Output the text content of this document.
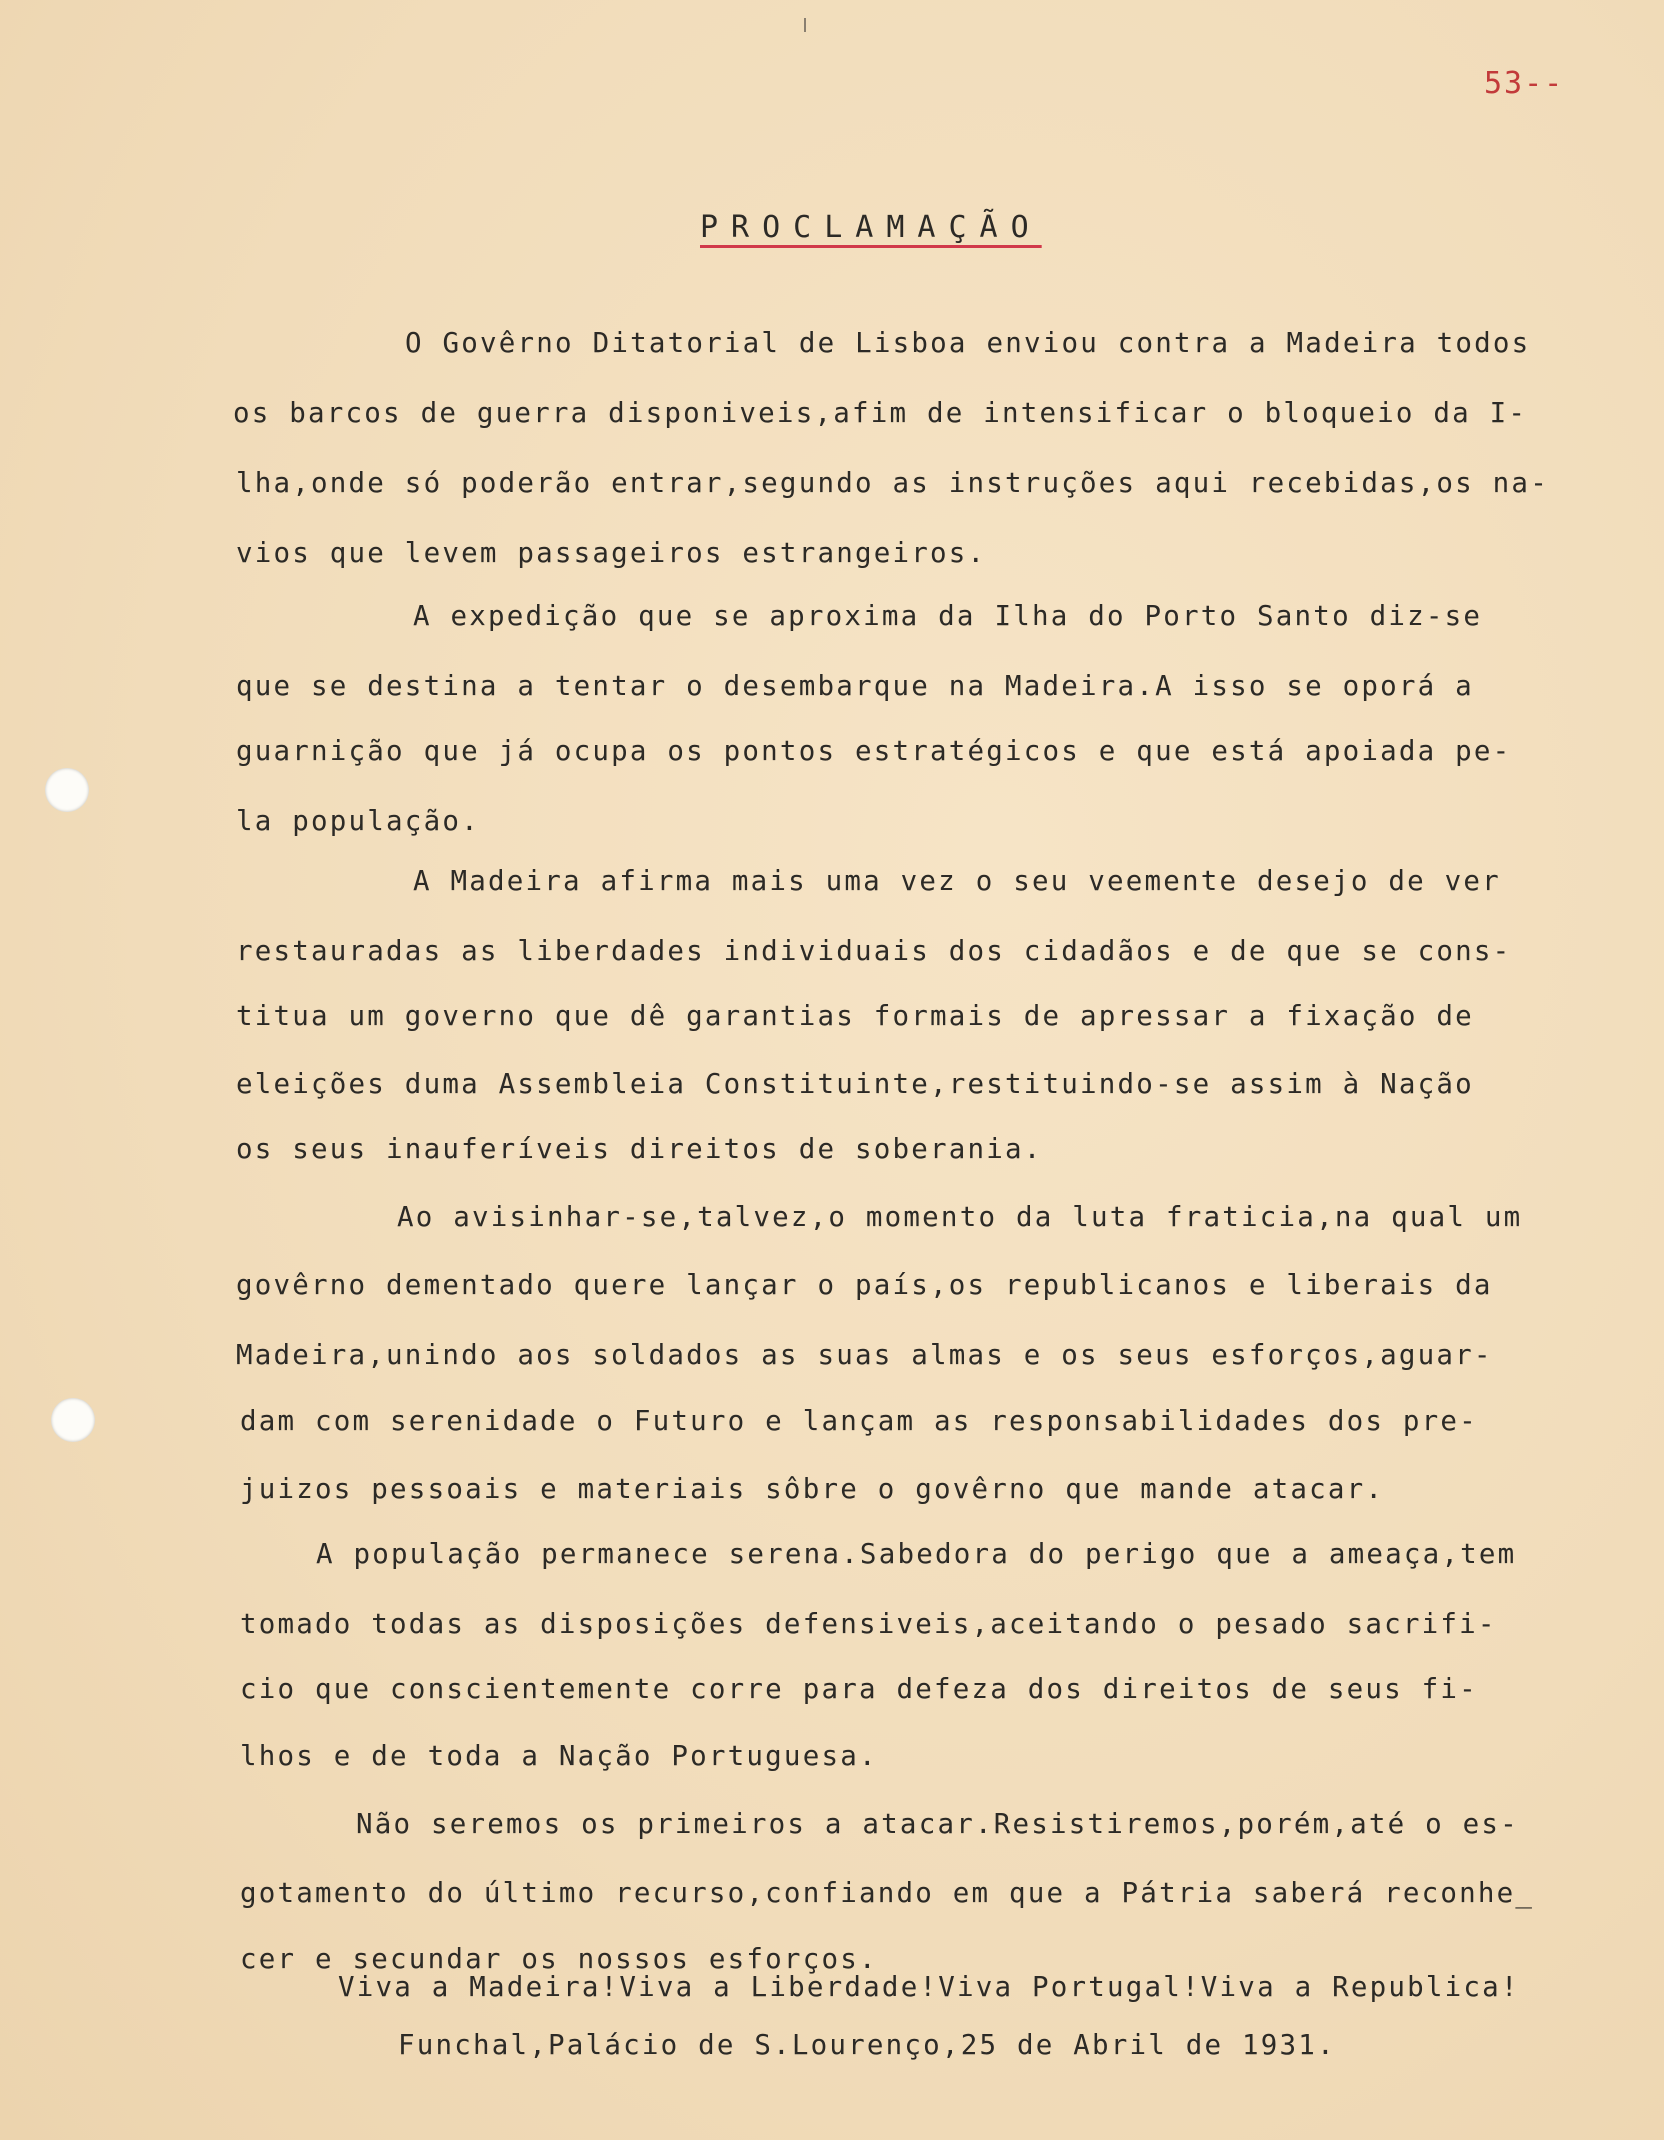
53--
PROCLAMAÇÃO
O Govêrno Ditatorial de Lisboa enviou contra a Madeira todos
os barcos de guerra disponiveis,afim de intensificar o bloqueio da I-
lha,onde só poderão entrar,segundo as instruções aqui recebidas,os na-
vios que levem passageiros estrangeiros.
A expedição que se aproxima da Ilha do Porto Santo diz-se
que se destina a tentar o desembarque na Madeira.A isso se oporá a
guarnição que já ocupa os pontos estratégicos e que está apoiada pe-
la população.
A Madeira afirma mais uma vez o seu veemente desejo de ver
restauradas as liberdades individuais dos cidadãos e de que se cons-
titua um governo que dê garantias formais de apressar a fixação de
eleições duma Assembleia Constituinte,restituindo-se assim à Nação
os seus inauferíveis direitos de soberania.
Ao avisinhar-se,talvez,o momento da luta fraticia,na qual um
govêrno dementado quere lançar o país,os republicanos e liberais da
Madeira,unindo aos soldados as suas almas e os seus esforços,aguar-
dam com serenidade o Futuro e lançam as responsabilidades dos pre-
juizos pessoais e materiais sôbre o govêrno que mande atacar.
A população permanece serena.Sabedora do perigo que a ameaça,tem
tomado todas as disposições defensiveis,aceitando o pesado sacrifi-
cio que conscientemente corre para defeza dos direitos de seus fi-
lhos e de toda a Nação Portuguesa.
Não seremos os primeiros a atacar.Resistiremos,porém,até o es-
gotamento do último recurso,confiando em que a Pátria saberá reconhe_
cer e secundar os nossos esforços.
Viva a Madeira!Viva a Liberdade!Viva Portugal!Viva a Republica!
Funchal,Palácio de S.Lourenço,25 de Abril de 1931.
